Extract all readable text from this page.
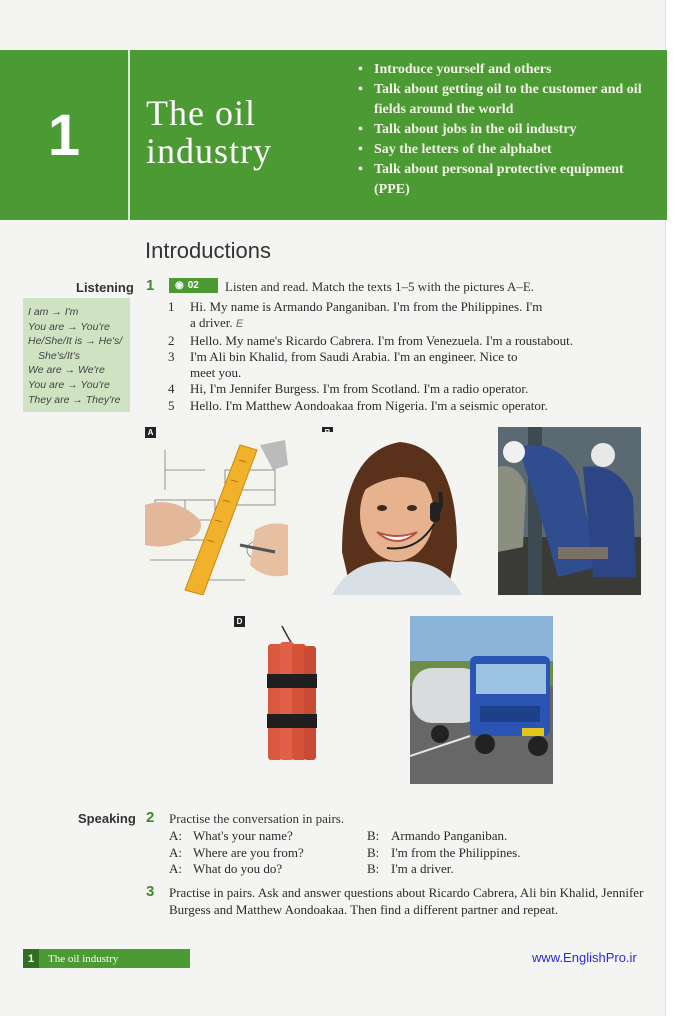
1	The oil
industry
• Introduce yourself and others
• Talk about getting oil to the customer and oil fields around the world
• Talk about jobs in the oil industry
• Say the letters of the alphabet
• Talk about personal protective equipment (PPE)
Introductions
Listening
I am → I'm
You are → You're
He/She/It is → He's/
She's/It's
We are → We're
You are → You're
They are → They're
1 ◉ 02 Listen and read. Match the texts 1–5 with the pictures A–E.
1	Hi. My name is Armando Panganiban. I'm from the Philippines. I'm
a driver. E
2	Hello. My name's Ricardo Cabrera. I'm from Venezuela. I'm a roustabout.
3	I'm Ali bin Khalid, from Saudi Arabia. I'm an engineer. Nice to
meet you.
4	Hi, I'm Jennifer Burgess. I'm from Scotland. I'm a radio operator.
5	Hello. I'm Matthew Aondoakaa from Nigeria. I'm a seismic operator.
A
D
Speaking 2 Practise the conversation in pairs.
A: What's your name?	B: Armando Panganiban.
A: Where are you from?	B: I'm from the Philippines.
A: What do you do?	B: I'm a driver.
3 Practise in pairs. Ask and answer questions about Ricardo Cabrera, Ali bin Khalid, Jennifer Burgess and Matthew Aondoakaa. Then find a different partner and repeat.
1	The oil industry	www.EnglishPro.ir
